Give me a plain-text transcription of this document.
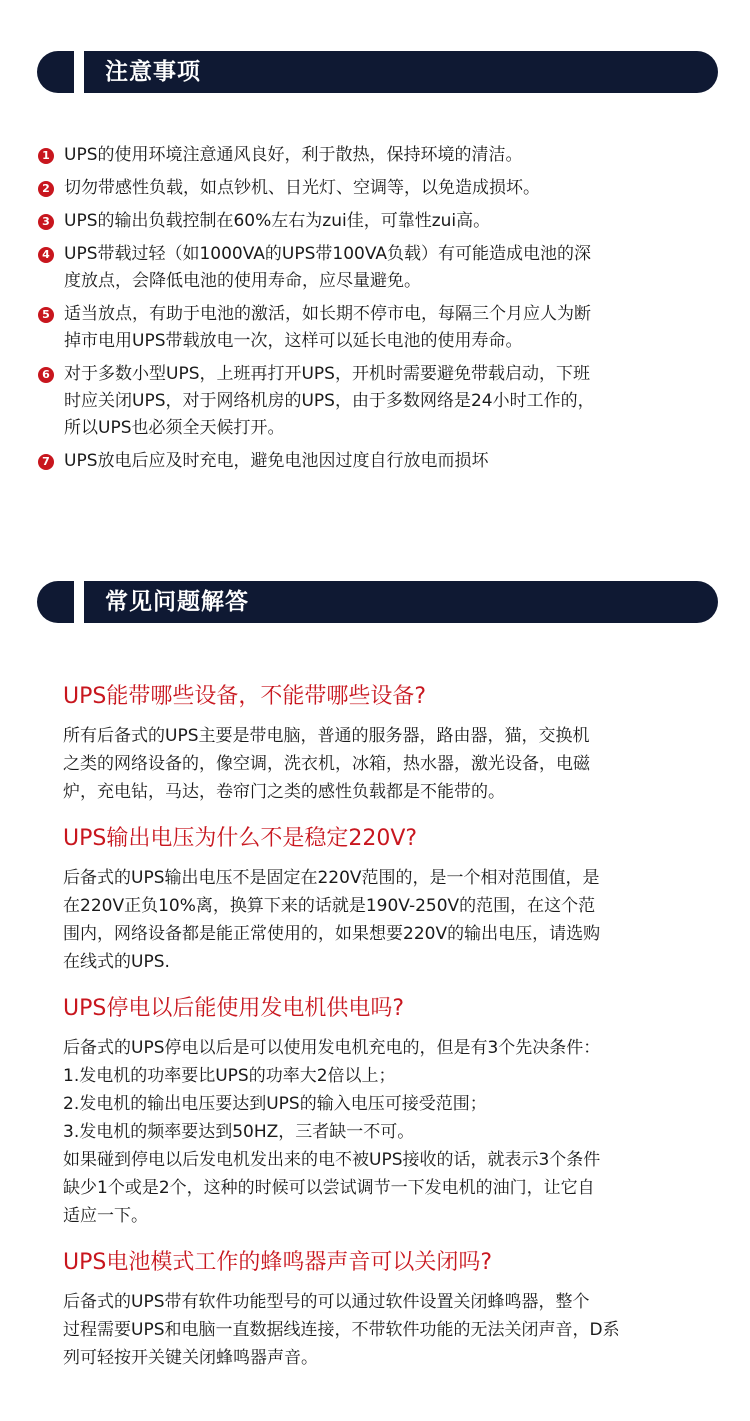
注意事项
1 UPS的使用环境注意通风良好，利于散热，保持环境的清洁。
2 切勿带感性负载，如点钞机、日光灯、空调等，以免造成损坏。
3 UPS的输出负载控制在60%左右为zui佳，可靠性zui高。
4 UPS带载过轻（如1000VA的UPS带100VA负载）有可能造成电池的深
度放点，会降低电池的使用寿命，应尽量避免。
5 适当放点，有助于电池的激活，如长期不停市电，每隔三个月应人为断
掉市电用UPS带载放电一次，这样可以延长电池的使用寿命。
6 对于多数小型UPS，上班再打开UPS，开机时需要避免带载启动，下班
时应关闭UPS，对于网络机房的UPS，由于多数网络是24小时工作的，
所以UPS也必须全天候打开。
7 UPS放电后应及时充电，避免电池因过度自行放电而损坏
常见问题解答
UPS能带哪些设备，不能带哪些设备?
所有后备式的UPS主要是带电脑，普通的服务器，路由器，猫，交换机
之类的网络设备的，像空调，洗衣机，冰箱，热水器，激光设备，电磁
炉，充电钻，马达，卷帘门之类的感性负载都是不能带的。
UPS输出电压为什么不是稳定220V?
后备式的UPS输出电压不是固定在220V范围的，是一个相对范围值，是
在220V正负10%离，换算下来的话就是190V-250V的范围，在这个范
围内，网络设备都是能正常使用的，如果想要220V的输出电压，请选购
在线式的UPS.
UPS停电以后能使用发电机供电吗?
后备式的UPS停电以后是可以使用发电机充电的，但是有3个先决条件：
1.发电机的功率要比UPS的功率大2倍以上；
2.发电机的输出电压要达到UPS的输入电压可接受范围；
3.发电机的频率要达到50HZ，三者缺一不可。
如果碰到停电以后发电机发出来的电不被UPS接收的话，就表示3个条件
缺少1个或是2个，这种的时候可以尝试调节一下发电机的油门，让它自
适应一下。
UPS电池模式工作的蜂鸣器声音可以关闭吗?
后备式的UPS带有软件功能型号的可以通过软件设置关闭蜂鸣器，整个
过程需要UPS和电脑一直数据线连接，不带软件功能的无法关闭声音，D系
列可轻按开关键关闭蜂鸣器声音。
